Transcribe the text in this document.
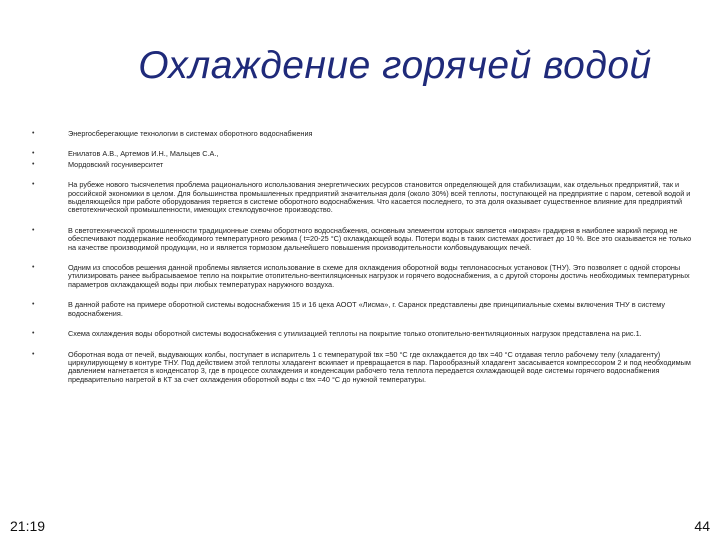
Охлаждение горячей водой
• Энергосберегающие технологии в системах оборотного водоснабжения
• Енилатов А.В., Артемов И.Н., Мальцев С.А.,
• Мордовский госуниверситет
• На рубеже нового тысячелетия проблема рационального использования энергетических ресурсов становится определяющей для стабилизации, как отдельных предприятий, так и российской экономики в целом. Для большинства промышленных предприятий значительная доля (около 30%) всей теплоты, поступающей на предприятие с паром, сетевой водой и выделяющейся при работе оборудования теряется в системе оборотного водоснабжения. Что касается последнего, то эта доля оказывает существенное влияние для предприятий светотехнической промышленности, имеющих стеклодувочное производство.
• В светотехнической промышленности традиционные схемы оборотного водоснабжения, основным элементом которых является «мокрая» градирня в наиболее жаркий период не обеспечивают поддержание необходимого температурного режима ( t=20-25 °С) охлаждающей воды. Потери воды в таких системах достигает до 10 %. Все это сказывается не только на качестве производимой продукции, но и является тормозом дальнейшего повышения производительности колбовыдувающих печей.
• Одним из способов решения данной проблемы является использование в схеме для охлаждения оборотной воды теплонасосных установок (ТНУ). Это позволяет с одной стороны утилизировать ранее выбрасываемое тепло на покрытие отопительно-вентиляционных нагрузок и горячего водоснабжения, а с другой стороны достичь необходимых температурных параметров охлаждающей воды при любых температурах наружного воздуха.
• В данной работе на примере оборотной системы водоснабжения 15 и 16 цеха АООТ «Лисма», г. Саранск представлены две принципиальные схемы включения ТНУ в систему водоснабжения.
• Схема охлаждения воды оборотной системы водоснабжения с утилизацией теплоты на покрытие только отопительно-вентиляционных нагрузок представлена на рис.1.
• Оборотная вода от печей, выдувающих колбы, поступает в испаритель 1 с температурой tвх =50 °С где охлаждается до tвх =40 °С отдавая тепло рабочему телу (хладагенту) циркулирующему в контуре ТНУ. Под действием этой теплоты хладагент вскипает и превращается в пар. Парообразный хладагент засасывается компрессором 2 и под необходимым давлением нагнетается в конденсатор 3, где в процессе охлаждения и конденсации рабочего тела теплота передается охлаждающей воде системы горячего водоснабжения предварительно нагретой в КТ за счет охлаждения оборотной воды с tвх =40 °С до нужной температуры.
21:19	44
